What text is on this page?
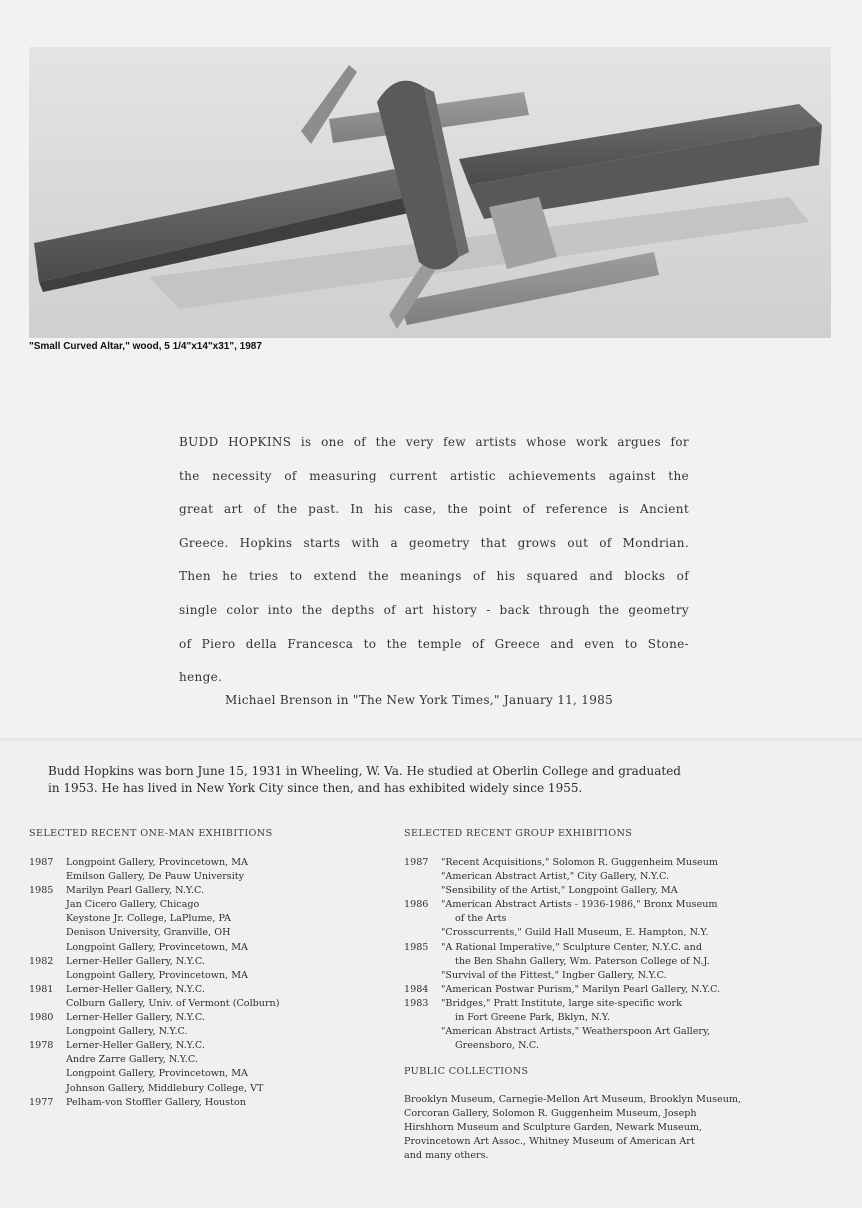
"Small Curved Altar," wood, 5 1/4"x14"x31", 1987
BUDD HOPKINS is one of the very few artists whose work argues for
the necessity of measuring current artistic achievements against the
great art of the past. In his case, the point of reference is Ancient
Greece. Hopkins starts with a geometry that grows out of Mondrian.
Then he tries to extend the meanings of his squared and blocks of
single color into the depths of art history - back through the geometry
of Piero della Francesca to the temple of Greece and even to Stone-
henge.
Michael Brenson in "The New York Times," January 11, 1985
Budd Hopkins was born June 15, 1931 in Wheeling, W. Va. He studied at Oberlin College and graduated
in 1953. He has lived in New York City since then, and has exhibited widely since 1955.
SELECTED RECENT ONE-MAN EXHIBITIONS
1987	Longpoint Gallery, Provincetown, MA
Emilson Gallery, De Pauw University
1985	Marilyn Pearl Gallery, N.Y.C.
Jan Cicero Gallery, Chicago
Keystone Jr. College, LaPlume, PA
Denison University, Granville, OH
Longpoint Gallery, Provincetown, MA
1982	Lerner-Heller Gallery, N.Y.C.
Longpoint Gallery, Provincetown, MA
1981	Lerner-Heller Gallery, N.Y.C.
Colburn Gallery, Univ. of Vermont (Colburn)
1980	Lerner-Heller Gallery, N.Y.C.
Longpoint Gallery, N.Y.C.
1978	Lerner-Heller Gallery, N.Y.C.
Andre Zarre Gallery, N.Y.C.
Longpoint Gallery, Provincetown, MA
Johnson Gallery, Middlebury College, VT
1977	Pelham-von Stoffler Gallery, Houston
SELECTED RECENT GROUP EXHIBITIONS
1987	"Recent Acquisitions," Solomon R. Guggenheim Museum
"American Abstract Artist," City Gallery, N.Y.C.
"Sensibility of the Artist," Longpoint Gallery, MA
1986	"American Abstract Artists - 1936-1986," Bronx Museum
of the Arts
"Crosscurrents," Guild Hall Museum, E. Hampton, N.Y.
1985	"A Rational Imperative," Sculpture Center, N.Y.C. and
the Ben Shahn Gallery, Wm. Paterson College of N.J.
"Survival of the Fittest," Ingber Gallery, N.Y.C.
1984	"American Postwar Purism," Marilyn Pearl Gallery, N.Y.C.
1983	"Bridges," Pratt Institute, large site-specific work
in Fort Greene Park, Bklyn, N.Y.
"American Abstract Artists," Weatherspoon Art Gallery,
Greensboro, N.C.
PUBLIC COLLECTIONS
Brooklyn Museum, Carnegie-Mellon Art Museum, Brooklyn Museum,
Corcoran Gallery, Solomon R. Guggenheim Museum, Joseph
Hirshhorn Museum and Sculpture Garden, Newark Museum,
Provincetown Art Assoc., Whitney Museum of American Art
and many others.
